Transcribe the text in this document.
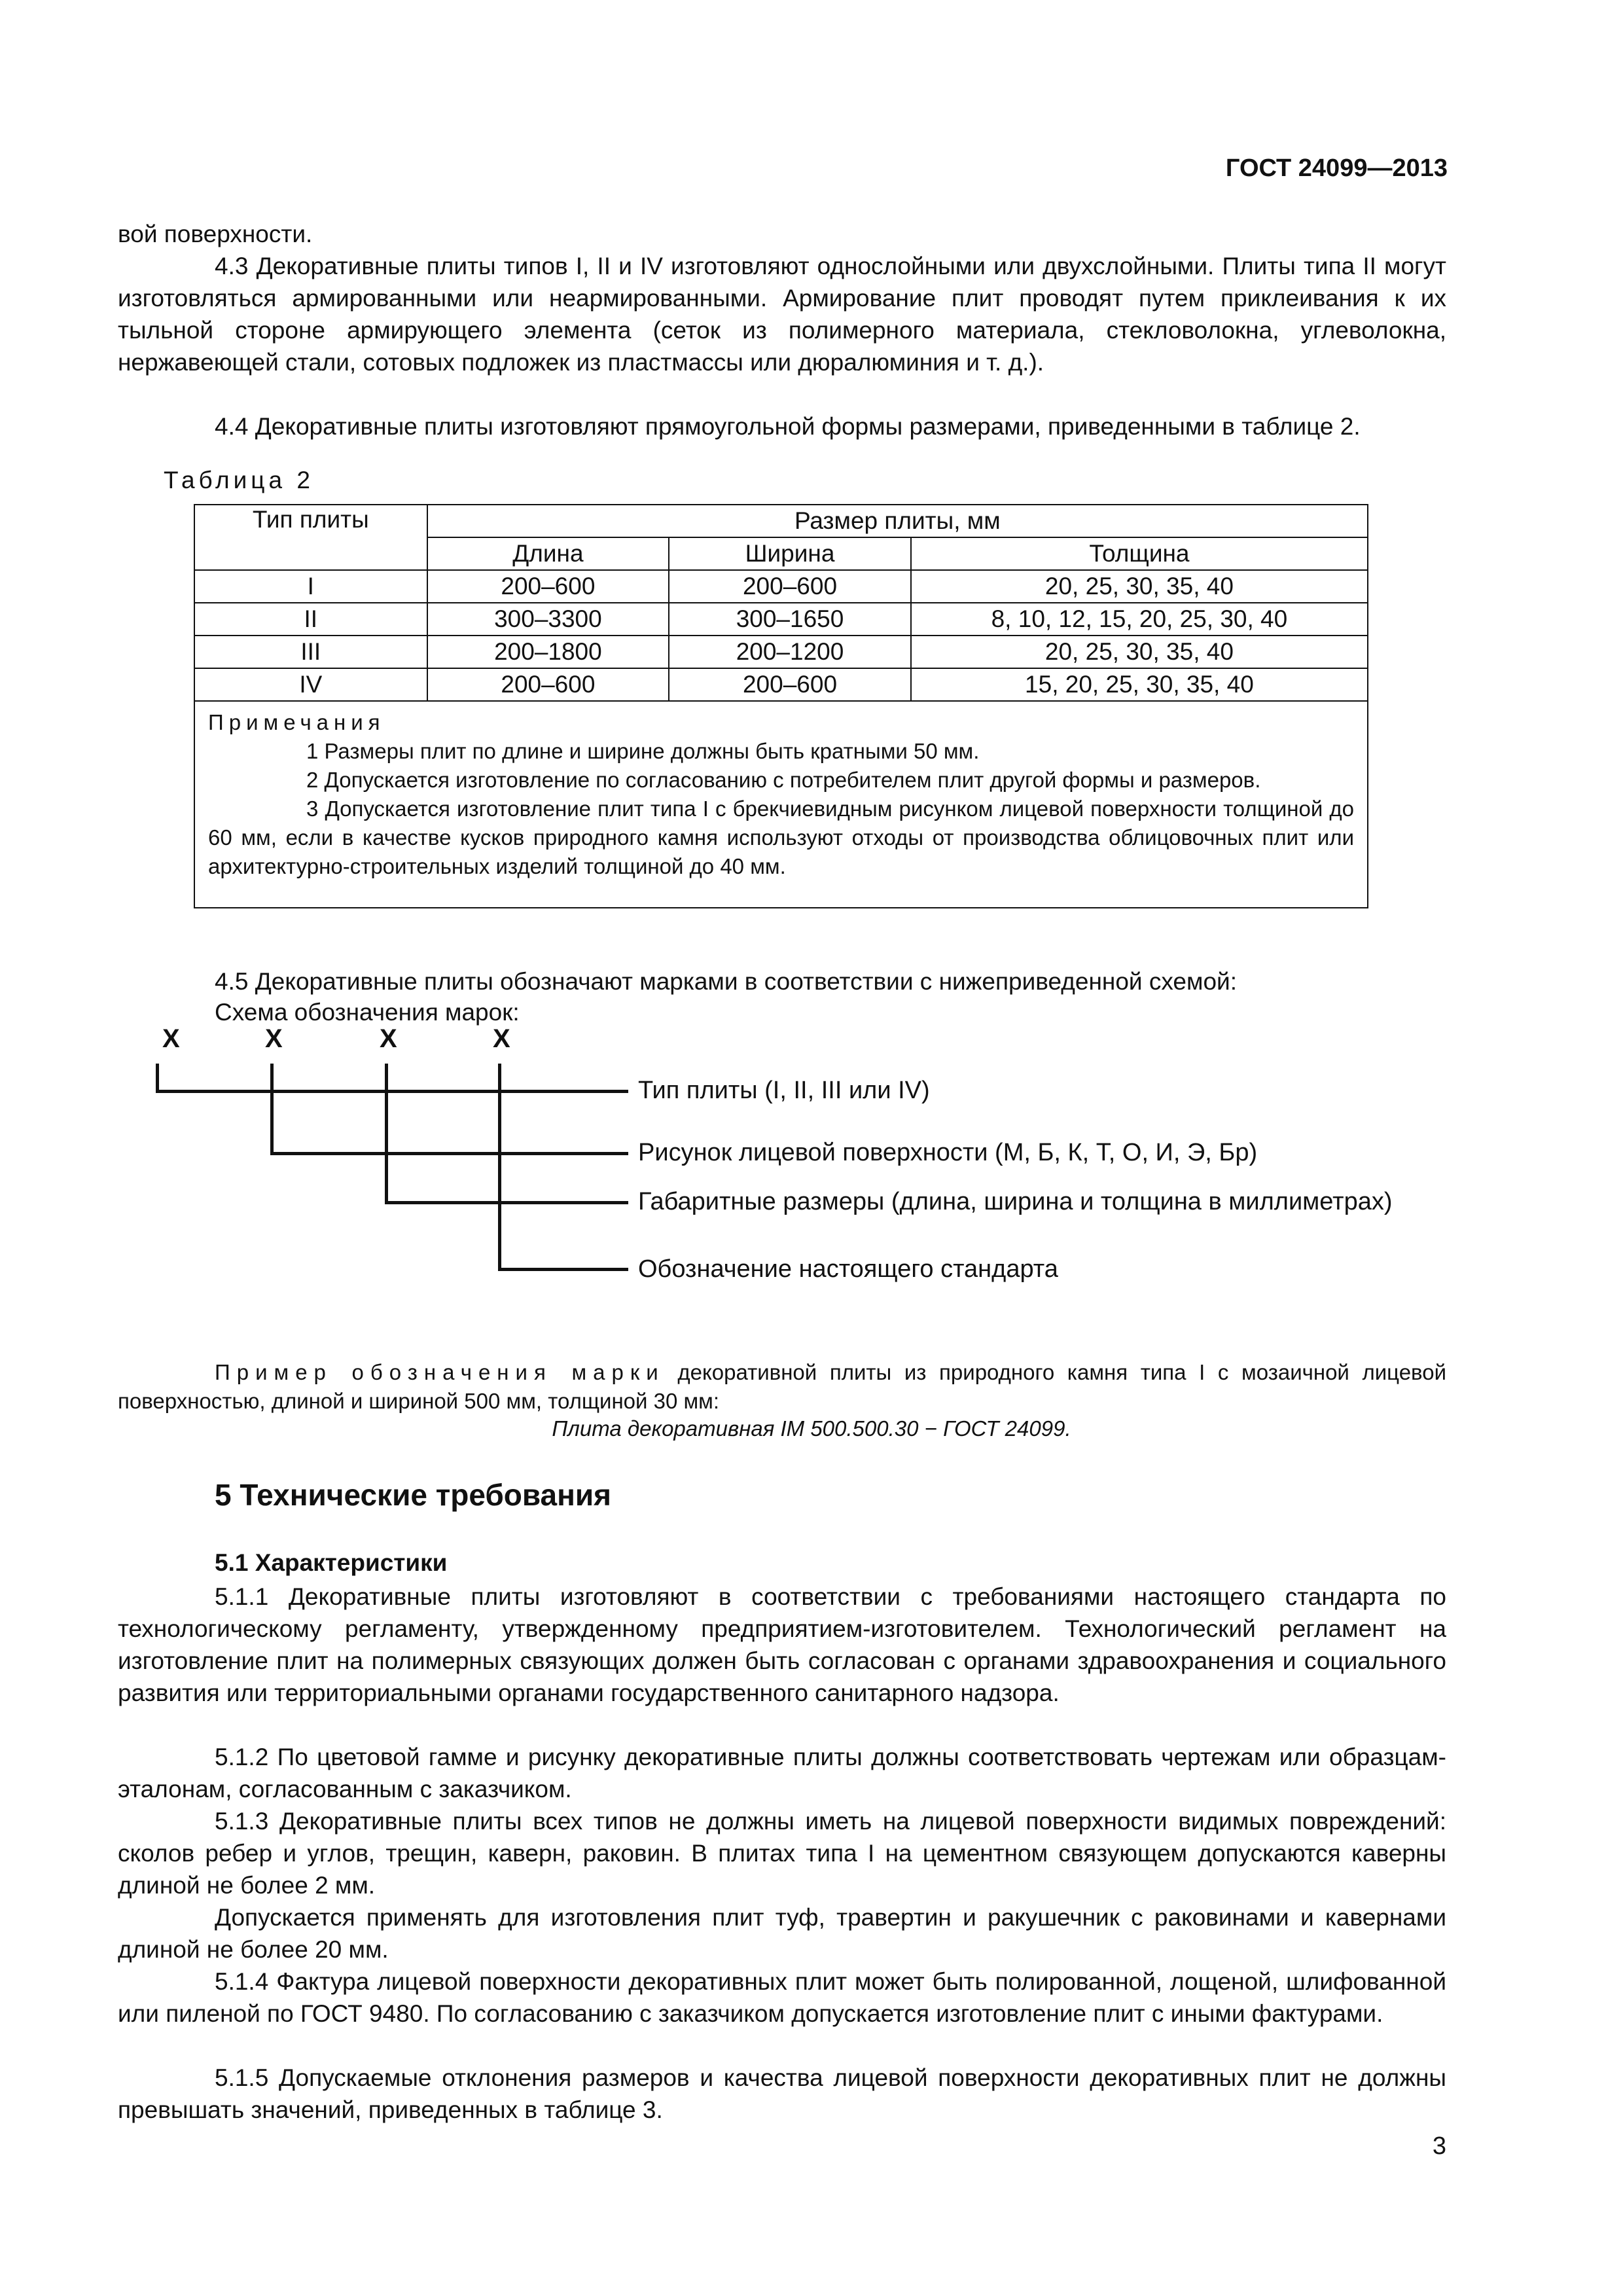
ГОСТ 24099—2013

вой поверхности.

4.3 Декоративные плиты типов I, II и IV изготовляют однослойными или двухслойными. Плиты типа II могут изготовляться армированными или неармированными. Армирование плит проводят путем приклеивания к их тыльной стороне армирующего элемента (сеток из полимерного материала, стекловолокна, углеволокна, нержавеющей стали, сотовых подложек из пластмассы или дюралюминия и т. д.).

4.4 Декоративные плиты изготовляют прямоугольной формы размерами, приведенными в таблице 2.

Таблица 2
Тип плиты	Размер плиты, мм		
	Длина	Ширина	Толщина
I	200–600	200–600	20, 25, 30, 35, 40
II	300–3300	300–1650	8, 10, 12, 15, 20, 25, 30, 40
III	200–1800	200–1200	20, 25, 30, 35, 40
IV	200–600	200–600	15, 20, 25, 30, 35, 40

Примечания

1 Размеры плит по длине и ширине должны быть кратными 50 мм.

2 Допускается изготовление по согласованию с потребителем плит другой формы и размеров.

3 Допускается изготовление плит типа I с брекчиевидным рисунком лицевой поверхности толщиной до 60 мм, если в качестве кусков природного камня используют отходы от производства облицовочных плит или архитектурно-строительных изделий толщиной до 40 мм.			

4.5 Декоративные плиты обозначают марками в соответствии с нижеприведенной схемой:

Схема обозначения марок:

Х	Х	Х	Х
Тип плиты (I, II, III или IV)
Рисунок лицевой поверхности (М, Б, К, Т, О, И, Э, Бр)
Габаритные размеры (длина, ширина и толщина в миллиметрах)
Обозначение настоящего стандарта
Пример обозначения марки декоративной плиты из природного камня типа I с мозаичной лицевой поверхностью, длиной и шириной 500 мм, толщиной 30 мм:
Плита декоративная IМ 500.500.30 − ГОСТ 24099.
5 Технические требования
5.1 Характеристики

5.1.1 Декоративные плиты изготовляют в соответствии с требованиями настоящего стандарта по технологическому регламенту, утвержденному предприятием-изготовителем. Технологический регламент на изготовление плит на полимерных связующих должен быть согласован с органами здравоохранения и социального развития или территориальными органами государственного санитарного надзора.

5.1.2 По цветовой гамме и рисунку декоративные плиты должны соответствовать чертежам или образцам-эталонам, согласованным с заказчиком.

5.1.3 Декоративные плиты всех типов не должны иметь на лицевой поверхности видимых повреждений: сколов ребер и углов, трещин, каверн, раковин. В плитах типа I на цементном связующем допускаются каверны длиной не более 2 мм.

Допускается применять для изготовления плит туф, травертин и ракушечник с раковинами и кавернами длиной не более 20 мм.

5.1.4 Фактура лицевой поверхности декоративных плит может быть полированной, лощеной, шлифованной или пиленой по ГОСТ 9480. По согласованию с заказчиком допускается изготовление плит с иными фактурами.

5.1.5 Допускаемые отклонения размеров и качества лицевой поверхности декоративных плит не должны превышать значений, приведенных в таблице 3.

3
